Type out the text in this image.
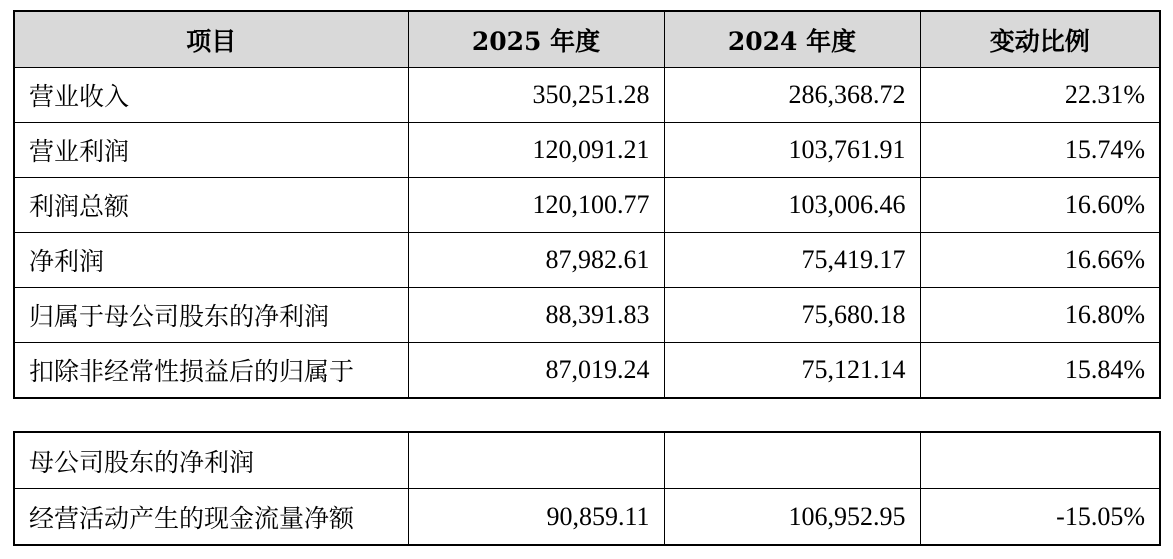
项目	2025 年度	2024 年度	变动比例
营业收入	350,251.28	286,368.72	22.31%
营业利润	120,091.21	103,761.91	15.74%
利润总额	120,100.77	103,006.46	16.60%
净利润	87,982.61	75,419.17	16.66%
归属于母公司股东的净利润	88,391.83	75,680.18	16.80%
扣除非经常性损益后的归属于	87,019.24	75,121.14	15.84%
母公司股东的净利润			
经营活动产生的现金流量净额	90,859.11	106,952.95	-15.05%
